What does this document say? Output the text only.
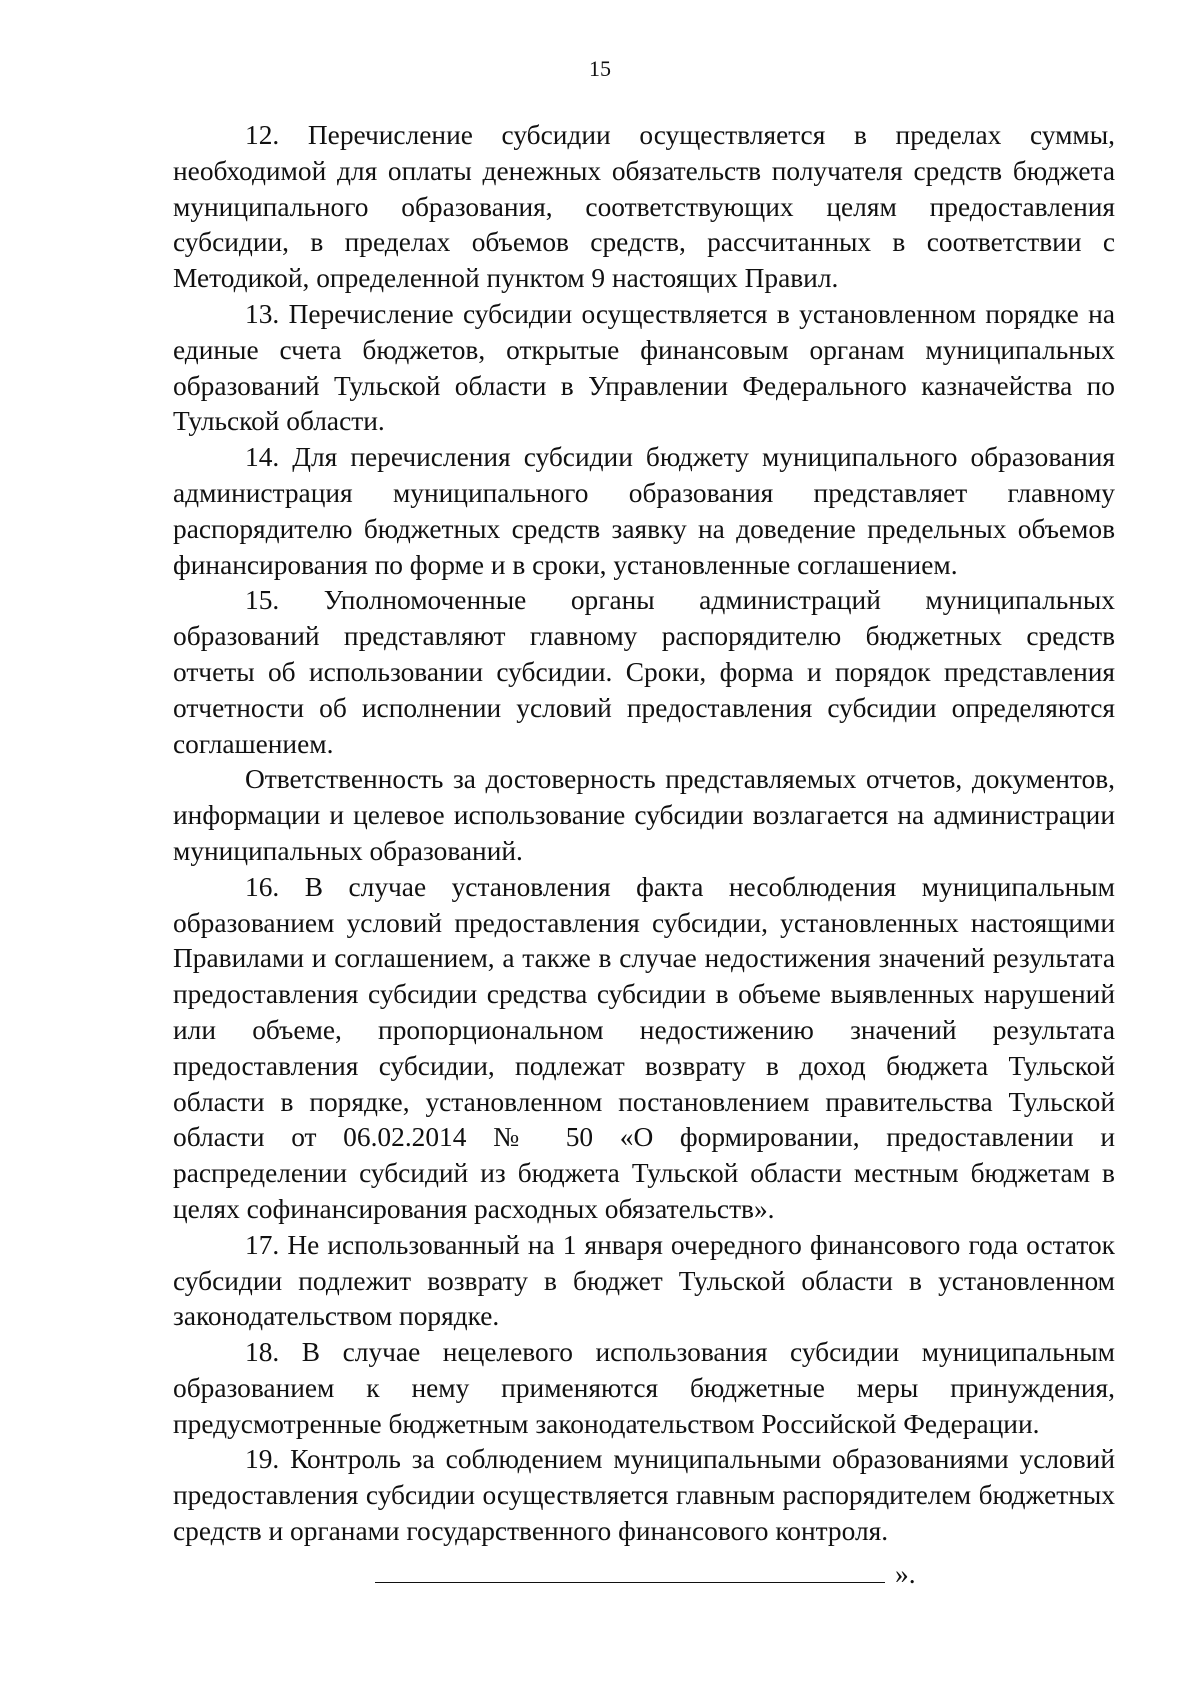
15

12. Перечисление субсидии осуществляется в пределах суммы, необходимой для оплаты денежных обязательств получателя средств бюджета муниципального образования, соответствующих целям предоставления субсидии, в пределах объемов средств, рассчитанных в соответствии с Методикой, определенной пунктом 9 настоящих Правил.

13. Перечисление субсидии осуществляется в установленном порядке на единые счета бюджетов, открытые финансовым органам муниципальных образований Тульской области в Управлении Федерального казначейства по Тульской области.

14. Для перечисления субсидии бюджету муниципального образования администрация муниципального образования представляет главному распорядителю бюджетных средств заявку на доведение предельных объемов финансирования по форме и в сроки, установленные соглашением.

15. Уполномоченные органы администраций муниципальных образований представляют главному распорядителю бюджетных средств отчеты об использовании субсидии. Сроки, форма и порядок представления отчетности об исполнении условий предоставления субсидии определяются соглашением.

Ответственность за достоверность представляемых отчетов, документов, информации и целевое использование субсидии возлагается на администрации муниципальных образований.

16. В случае установления факта несоблюдения муниципальным образованием условий предоставления субсидии, установленных настоящими Правилами и соглашением, а также в случае недостижения значений результата предоставления субсидии средства субсидии в объеме выявленных нарушений или объеме, пропорциональном недостижению значений результата предоставления субсидии, подлежат возврату в доход бюджета Тульской области в порядке, установленном постановлением правительства Тульской области от 06.02.2014 № 50 «О формировании, предоставлении и распределении субсидий из бюджета Тульской области местным бюджетам в целях софинансирования расходных обязательств».

17. Не использованный на 1 января очередного финансового года остаток субсидии подлежит возврату в бюджет Тульской области в установленном законодательством порядке.

18. В случае нецелевого использования субсидии муниципальным образованием к нему применяются бюджетные меры принуждения, предусмотренные бюджетным законодательством Российской Федерации.

19. Контроль за соблюдением муниципальными образованиями условий предоставления субсидии осуществляется главным распорядителем бюджетных средств и органами государственного финансового контроля.

».
